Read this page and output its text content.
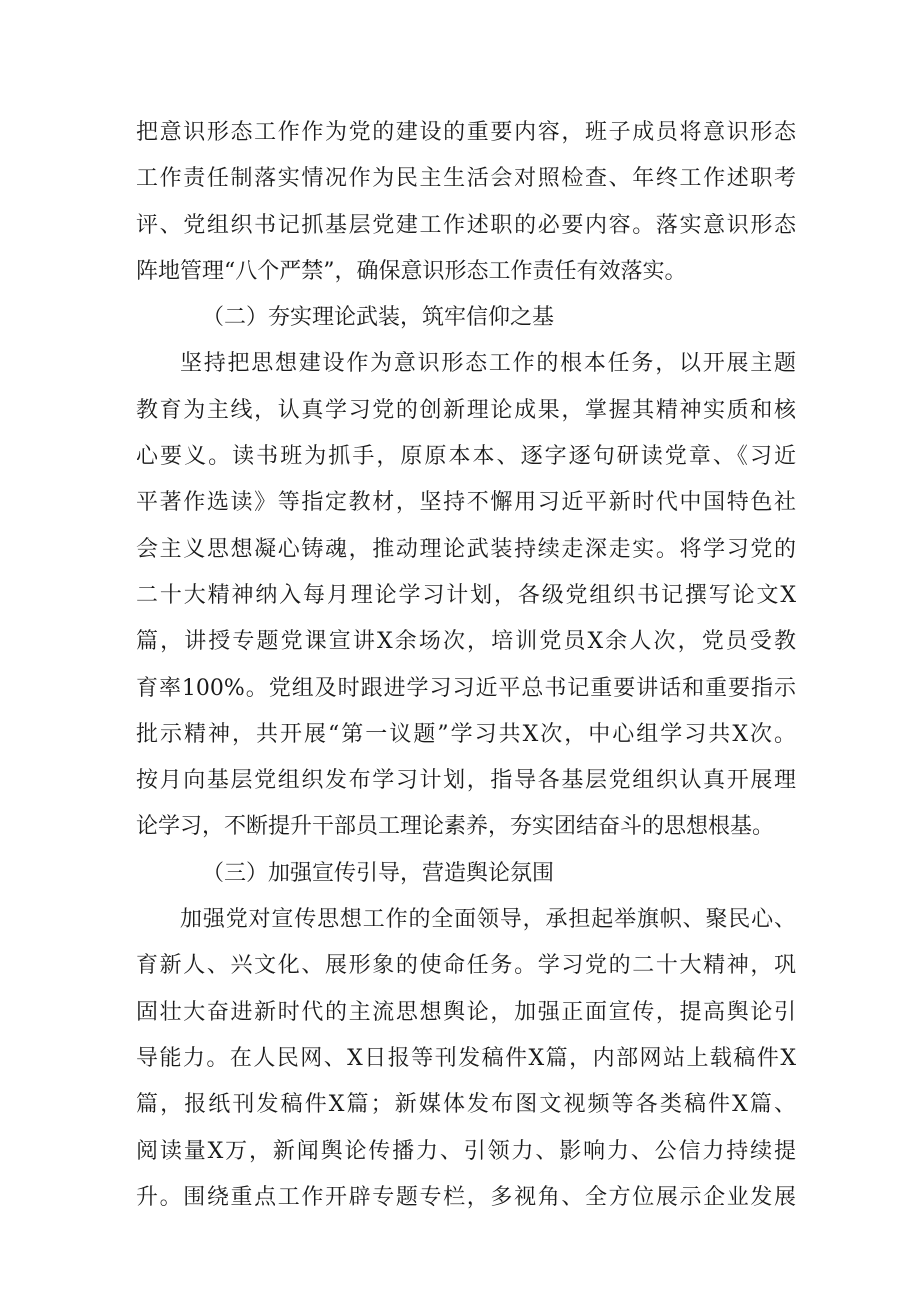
把意识形态工作作为党的建设的重要内容，班子成员将意识形态
工作责任制落实情况作为民主生活会对照检查、年终工作述职考
评、党组织书记抓基层党建工作述职的必要内容。落实意识形态
阵地管理“八个严禁”，确保意识形态工作责任有效落实。
（二）夯实理论武装，筑牢信仰之基
坚持把思想建设作为意识形态工作的根本任务，以开展主题
教育为主线，认真学习党的创新理论成果，掌握其精神实质和核
心要义。读书班为抓手，原原本本、逐字逐句研读党章、《习近
平著作选读》等指定教材，坚持不懈用习近平新时代中国特色社
会主义思想凝心铸魂，推动理论武装持续走深走实。将学习党的
二十大精神纳入每月理论学习计划，各级党组织书记撰写论文X
篇，讲授专题党课宣讲X余场次，培训党员X余人次，党员受教
育率100%。党组及时跟进学习习近平总书记重要讲话和重要指示
批示精神，共开展“第一议题”学习共X次，中心组学习共X次。
按月向基层党组织发布学习计划，指导各基层党组织认真开展理
论学习，不断提升干部员工理论素养，夯实团结奋斗的思想根基。
（三）加强宣传引导，营造舆论氛围
加强党对宣传思想工作的全面领导，承担起举旗帜、聚民心、
育新人、兴文化、展形象的使命任务。学习党的二十大精神，巩
固壮大奋进新时代的主流思想舆论，加强正面宣传，提高舆论引
导能力。在人民网、X日报等刊发稿件X篇，内部网站上载稿件X
篇，报纸刊发稿件X篇；新媒体发布图文视频等各类稿件X篇、
阅读量X万，新闻舆论传播力、引领力、影响力、公信力持续提
升。围绕重点工作开辟专题专栏，多视角、全方位展示企业发展
